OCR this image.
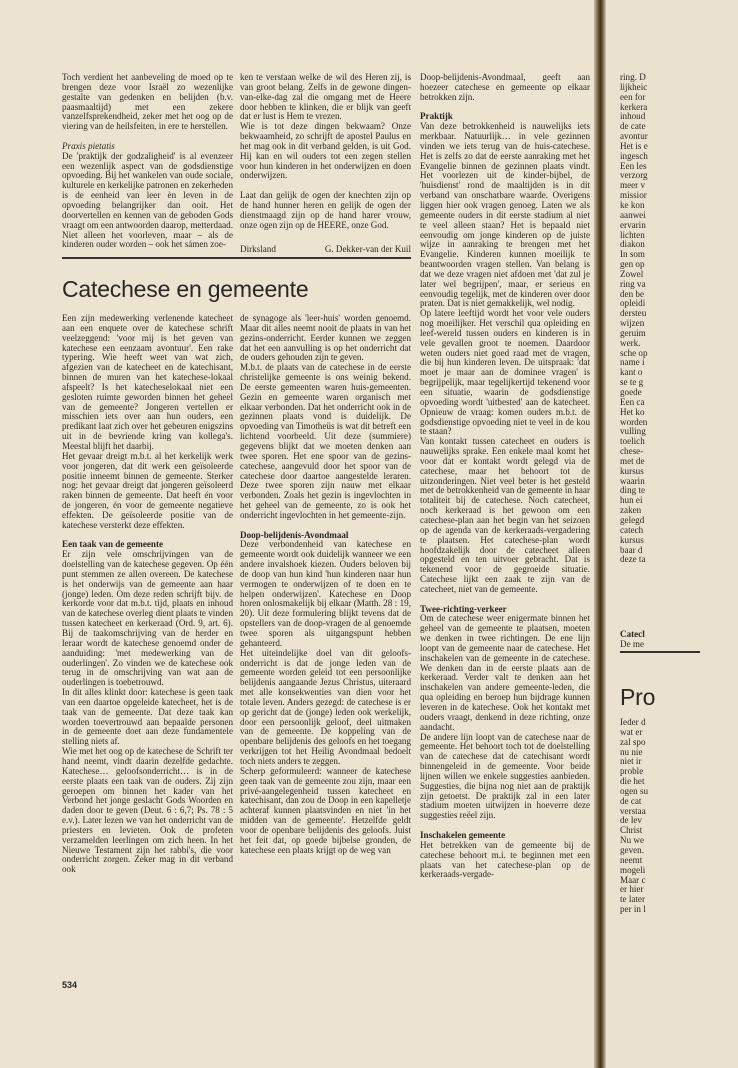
Toch verdient het aanbeveling de moed op te brengen deze voor Israël zo wezenlijke gestalte van gedenken en belijden (b.v. paasmaaltijd) met een zekere vanzelfsprekendheid, zeker met het oog op de viering van de heilsfeiten, in ere te herstellen.

Praxis pietatis

De 'praktijk der godzaligheid' is al evenzeer een wezenlijk aspect van de godsdienstige opvoeding. Bij het wankelen van oude sociale, kulturele en kerkelijke patronen en zekerheden is de eenheid van leer èn leven in de opvoeding belangrijker dan ooit. Het doorvertellen en kennen van de geboden Gods vraagt om een antwoorden daarop, metterdaad. Niet alleen het voorleven, maar – als de kinderen ouder worden – ook het sámen zoe-

ken te verstaan welke de wil des Heren zij, is van groot belang. Zelfs in de gewone dingen-van-elke-dag zal die omgang met de Heere door hebben te klinken, die er blijk van geeft dat er lust is Hem te vrezen.

Wie is tot deze dingen bekwaam? Onze bekwaamheid, zo schrijft de apostel Paulus en het mag ook in dit verband gelden, is uit God. Hij kan en wil ouders tot een zegen stellen voor hun kinderen in het onderwijzen en doen onderwijzen.

Laat dan gelijk de ogen der knechten zijn op de hand hunner heren en gelijk de ogen der dienstmaagd zijn op de hand harer vrouw, onze ogen zijn op de HEERE, onze God.

Dirksland	G. Dekker-van der Kuil
Catechese en gemeente

Een zijn medewerking verlenende katecheet aan een enquete over de katechese schrift veelzeggend: 'voor mij is het geven van katechese een eenzaam avontuur'. Een rake typering. Wie heeft weet van wat zich, afgezien van de katecheet en de katechisant, binnen de muren van het katechese-lokaal afspeelt? Is het katecheselokaal niet een gesloten ruimte geworden binnen het geheel van de gemeente? Jongeren vertellen er misschien iets over aan hun ouders, een predikant laat zich over het gebeuren enigszins uit in de bevriende kring van kollega's. Meestal blijft het daarbij.

Het gevaar dreigt m.b.t. al het kerkelijk werk voor jongeren, dat dit werk een geïsoleerde positie inneemt binnen de gemeente. Sterker nog: het gevaar dreigt dat jongeren geïsoleerd raken binnen de gemeente. Dat heeft én voor de jongeren, én voor de gemeente negatieve effekten. De geïsoleerde positie van de katechese versterkt deze effekten.

Een taak van de gemeente

Er zijn vele omschrijvingen van de doelstelling van de katechese gegeven. Op één punt stemmen ze allen overeen. De katechese is het onderwijs van de gemeente aan haar (jonge) leden. Om deze reden schrijft bijv. de kerkorde voor dat m.b.t. tijd, plaats en inhoud van de katechese overleg dient plaats te vinden tussen katecheet en kerkeraad (Ord. 9, art. 6). Bij de taakomschrijving van de herder en leraar wordt de katechese genoemd onder de aanduiding: 'met medewerking van de ouderlingen'. Zo vinden we de katechese ook terug in de omschrijving van wat aan de ouderlingen is toebetrouwd.

In dit alles klinkt door: katechese is geen taak van een daartoe opgeleide katecheet, het is de taak van de gemeente. Dat deze taak kan worden toevertrouwd aan bepaalde personen in de gemeente doet aan deze fundamentele stelling niets af.

Wie met het oog op de katechese de Schrift ter hand neemt, vindt daarin dezelfde gedachte. Katechese… geloofsonderricht… is in de eerste plaats een taak van de ouders. Zij zijn geroepen om binnen het kader van het Verbond het jonge geslacht Gods Woorden en daden door te geven (Deut. 6 : 6,7; Ps. 78 : 5 e.v.). Later lezen we van het onderricht van de priesters en levieten. Ook de profeten verzamelden leerlingen om zich heen. In het Nieuwe Testament zijn het rabbi's, die voor onderricht zorgen. Zeker mag in dit verband ook

de synagoge als 'leer-huis' worden genoemd. Maar dit alles neemt nooit de plaats in van het gezins-onderricht. Eerder kunnen we zeggen dat het een aanvulling is op het onderricht dat de ouders gehouden zijn te geven.

M.b.t. de plaats van de catechese in de eerste christelijke gemeente is ons weinig bekend. De eerste gemeenten waren huis-gemeenten. Gezin en gemeente waren organisch met elkaar verbonden. Dat het onderricht ook in de gezinnen plaats vond is duidelijk. De opvoeding van Timotheüs is wat dit betreft een lichtend voorbeeld. Uit deze (summiere) gegevens blijkt dat we moeten denken aan twee sporen. Het ene spoor van de gezins-catechese, aangevuld door het spoor van de catechese door daartoe aangestelde leraren. Deze twee sporen zijn nauw met elkaar verbonden. Zoals het gezin is ingevlochten in het geheel van de gemeente, zo is ook het onderricht ingevlochten in het gemeente-zijn.

Doop-belijdenis-Avondmaal

Deze verbondenheid van katechese en gemeente wordt ook duidelijk wanneer we een andere invalshoek kiezen. Ouders beloven bij de doop van hun kind 'hun kinderen naar hun vermogen te onderwijzen of te doen en te helpen onderwijzen'. Katechese en Doop horen onlosmakelijk bij elkaar (Matth. 28 : 19, 20). Uit deze formulering blijkt tevens dat de opstellers van de doop-vragen de al genoemde twee sporen als uitgangspunt hebben gehanteerd.

Het uiteindelijke doel van dit geloofs-onderricht is dat de jonge leden van de gemeente worden geleid tot een persoonlijke belijdenis aangaande Jezus Christus, uiteraard met alle konsekwenties van dien voor het totale leven. Anders gezegd: de catechese is er op gericht dat de (jonge) leden ook werkelijk, door een persoonlijk geloof, deel uitmaken van de gemeente. De koppeling van de openbare belijdenis des geloofs en het toegang verkrijgen tot het Heilig Avondmaal bedoelt toch niets anders te zeggen.

Scherp geformuleerd: wanneer de katechese geen taak van de gemeente zou zijn, maar een privé-aangelegenheid tussen katecheet en katechisant, dan zou de Doop in een kapelletje achteraf kunnen plaatsvinden en niet 'in het midden van de gemeente'. Hetzelfde geldt voor de openbare belijdenis des geloofs. Juist het feit dat, op goede bijbelse gronden, de katechese een plaats krijgt op de weg van

Doop-belijdenis-Avondmaal, geeft aan hoezeer catechese en gemeente op elkaar betrokken zijn.

Praktijk

Van deze betrokkenheid is nauwelijks iets merkbaar. Natuurlijk… in vele gezinnen vinden we iets terug van de huis-catechese. Het is zelfs zo dat de eerste aanraking met het Evangelie binnen de gezinnen plaats vindt. Het voorlezen uit de kinder-bijbel, de 'huisdienst' rond de maaltijden is in dit verband van onschatbare waarde. Overigens liggen hier ook vragen genoeg. Laten we als gemeente ouders in dit eerste stadium al niet te veel alleen staan? Het is bepaald niet eenvoudig om jonge kinderen op de juiste wijze in aanraking te brengen met het Evangelie. Kinderen kunnen moeilijk te beantwoorden vragen stellen. Van belang is dat we deze vragen niet afdoen met 'dat zul je later wel begrijpen', maar, er serieus en eenvoudig tegelijk, met de kinderen over door praten. Dat is niet gemakkelijk, wel nodig.

Op latere leeftijd wordt het voor vele ouders nog moeilijker. Het verschil qua opleiding en leef-wereld tussen ouders en kinderen is in vele gevallen groot te noemen. Daardoor weten ouders niet goed raad met de vragen, die bij hun kinderen leven. De uitspraak: 'dat moet je maar aan de dominee vragen' is begrijpelijk, maar tegelijkertijd tekenend voor een situatie, waarin de godsdienstige opvoeding wordt 'uitbested' aan de katecheet. Opnieuw de vraag: komen ouders m.b.t. de godsdienstige opvoeding niet te veel in de kou te staan?

Van kontakt tussen catecheet en ouders is nauwelijks sprake. Een enkele maal komt het voor dat er kontakt wordt gelegd via de catechese, maar het behoort tot de uitzonderingen. Niet veel beter is het gesteld met de betrokkenheid van de gemeente in haar totaliteit bij de catechese. Noch catecheet, noch kerkeraad is het gewoon om een catechese-plan aan het begin van het seizoen op de agenda van de kerkeraads-vergadering te plaatsen. Het catechese-plan wordt hoofdzakelijk door de catecheet alleen opgesteld en ten uitvoer gebracht. Dat is tekenend voor de gegroeide situatie. Catechese lijkt een zaak te zijn van de catecheet, niet van de gemeente.

Twee-richting-verkeer

Om de catechese weer enigermate binnen het geheel van de gemeente te plaatsen, moeten we denken in twee richtingen. De ene lijn loopt van de gemeente naar de catechese. Het inschakelen van de gemeente in de catechese. We denken dan in de eerste plaats aan de kerkeraad. Verder valt te denken aan het inschakelen van andere gemeente-leden, die qua opleiding en beroep hun bijdrage kunnen leveren in de katechese. Ook het kontakt met ouders vraagt, denkend in deze richting, onze aandacht.

De andere lijn loopt van de catechese naar de gemeente. Het behoort toch tot de doelstelling van de catechese dat de catechisant wordt binnengeleid in de gemeente. Voor beide lijnen willen we enkele suggesties aanbieden. Suggesties, die bijna nog niet aan de praktijk zijn getoetst. De praktijk zal in een later stadium moeten uitwijzen in hoeverre deze suggesties reëel zijn.

Inschakelen gemeente

Het betrekken van de gemeente bij de catechese behoort m.i. te beginnen met een plaats van het catechese-plan op de kerkeraads-vergade-

534
ring. D
lijkheic
een for
kerkera
inhoud
de cate
avontur
Het is e
ingesch
Een les
verzorg
meer v
missior
ke kon
aanwei
ervarin
lichten
diakon
In som
gen op
Zowel
ring va
den be
opleidi
dersteu
wijzen
geruim
werk.
sche op
name i
kant o
se te g
goede
Een ca
Het ko
worden
vulling
toelich
chese-
met de
kursus
waarin
ding te
hun ei
zaken
gelegd
catech
kursus
baar d
deze ta
Catecl
De me
Pro
Ieder d
wat er
zal spo
nu nie
niet ir
proble
die het
ogen su
de cat
verstaa
de lev
Christ
Nu we
geven.
neemt
mogeli
Maar c
er hier
te later
per in l
